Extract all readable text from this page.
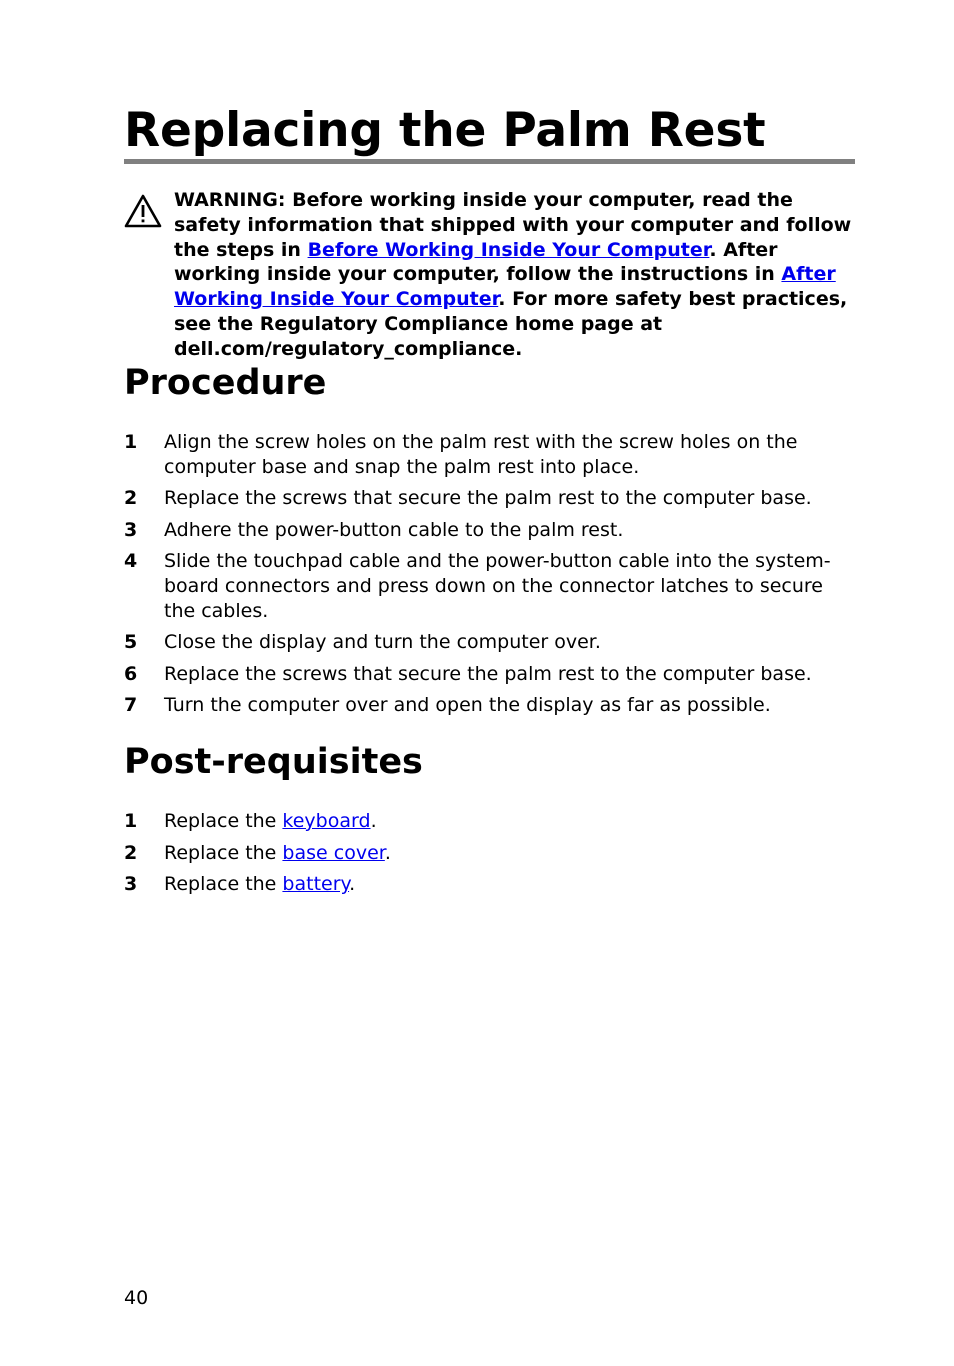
Replacing the Palm Rest

WARNING: Before working inside your computer, read the safety information that shipped with your computer and follow the steps in Before Working Inside Your Computer. After working inside your computer, follow the instructions in After Working Inside Your Computer. For more safety best practices, see the Regulatory Compliance home page at dell.com/regulatory_compliance.

Procedure
1 Align the screw holes on the palm rest with the screw holes on the computer base and snap the palm rest into place.
2 Replace the screws that secure the palm rest to the computer base.
3 Adhere the power-button cable to the palm rest.
4 Slide the touchpad cable and the power-button cable into the system-board connectors and press down on the connector latches to secure the cables.
5 Close the display and turn the computer over.
6 Replace the screws that secure the palm rest to the computer base.
7 Turn the computer over and open the display as far as possible.
Post-requisites
1 Replace the keyboard.
2 Replace the base cover.
3 Replace the battery.
40
